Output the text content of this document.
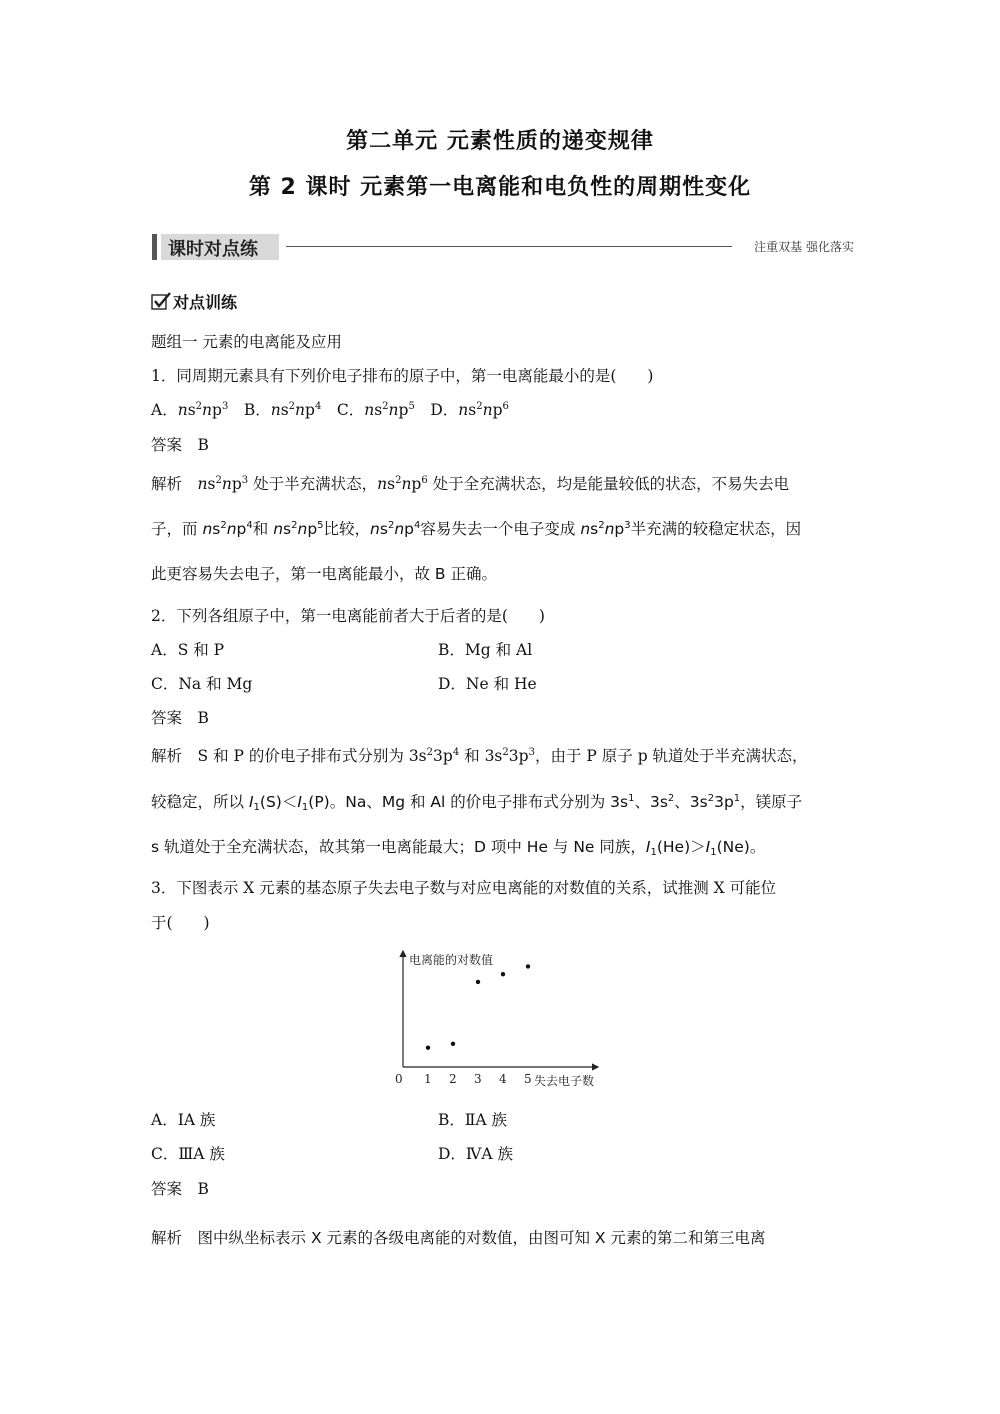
第二单元 元素性质的递变规律
第 2 课时 元素第一电离能和电负性的周期性变化
课时对点练	注重双基 强化落实
对点训练
题组一 元素的电离能及应用
1．同周期元素具有下列价电子排布的原子中，第一电离能最小的是(　　)
A．$ns^2np^3$　B．$ns^2np^4$　C．$ns^2np^5$　D．$ns^2np^6$
答案　 B
解析　 $ns^2np^3$ 处于半充满状态，$ns^2np^6$ 处于全充满状态，均是能量较低的状态，不易失去电
子，而 $ns^2np^4$和 $ns^2np^5$比较，$ns^2np^4$容易失去一个电子变成 $ns^2np^3$半充满的较稳定状态，因
此更容易失去电子，第一电离能最小，故 B 正确。
2．下列各组原子中，第一电离能前者大于后者的是(　　)
A．S 和 P	B．Mg 和 Al
C．Na 和 Mg	D．Ne 和 He
答案　 B
解析　S 和 P 的价电子排布式分别为 $3s^23p^4$ 和 $3s^23p^3$，由于 P 原子 p 轨道处于半充满状态，
较稳定，所以 $I_1(S)<I_1(P)$。Na、Mg 和 Al 的价电子排布式分别为 $3s^1$、$3s^2$、$3s^23p^1$，镁原子
s 轨道处于全充满状态，故其第一电离能最大；D 项中 He 与 Ne 同族，$I_1(He)>I_1(Ne)$。
3．下图表示 X 元素的基态原子失去电子数与对应电离能的对数值的关系，试推测 X 可能位
于(　　)
电离能的对数值
失去电子数
0 1 2 3 4 5
A．ⅠA 族	B．ⅡA 族
C．ⅢA 族	D．ⅣA 族
答案　 B
解析　 图中纵坐标表示 X 元素的各级电离能的对数值，由图可知 X 元素的第二和第三电离
